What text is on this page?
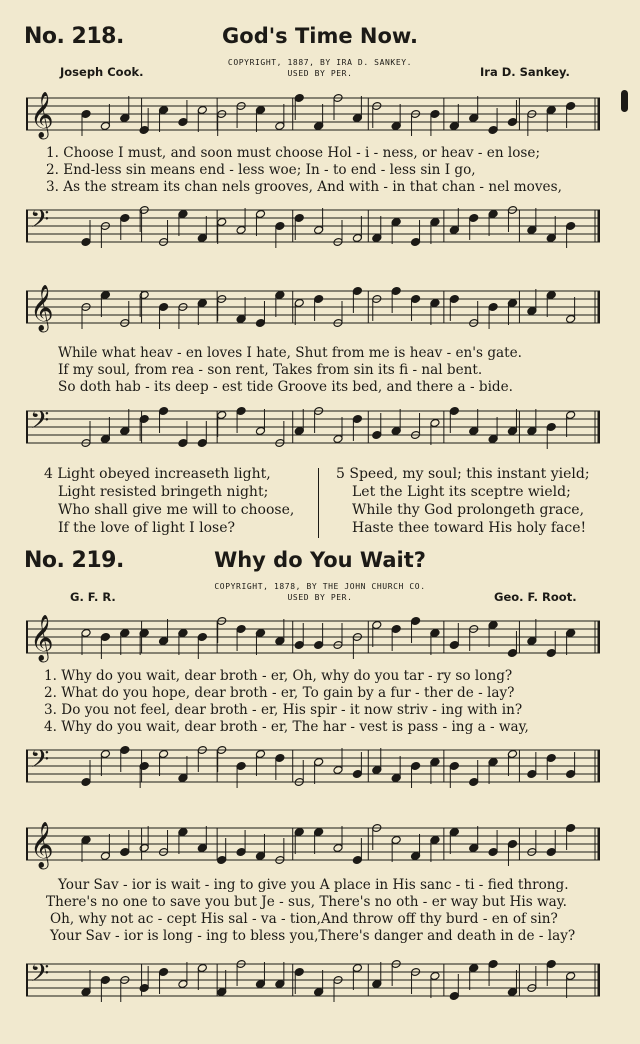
No. 218.	God's Time Now.
COPYRIGHT, 1887, BY IRA D. SANKEY.
USED BY PER.
Joseph Cook.	Ira D. Sankey.
𝄞
1. Choose I must, and soon must choose Hol - i - ness, or heav - en lose;
2. End-less sin means end - less woe; In - to end - less sin I go,
3. As the stream its chan nels grooves, And with - in that chan - nel moves,
𝄢
𝄞
While what heav - en loves I hate, Shut from me is heav - en's gate.
If my soul, from rea - son rent, Takes from sin its fi - nal bent.
So doth hab - its deep - est tide Groove its bed, and there a - bide.
𝄢
4 Light obeyed increaseth light,
Light resisted bringeth night;
Who shall give me will to choose,
If the love of light I lose?
5 Speed, my soul; this instant yield;
Let the Light its sceptre wield;
While thy God prolongeth grace,
Haste thee toward His holy face!
No. 219.	Why do You Wait?
COPYRIGHT, 1878, BY THE JOHN CHURCH CO.
USED BY PER.
G. F. R.	Geo. F. Root.
𝄞
1. Why do you wait, dear broth - er, Oh, why do you tar - ry so long?
2. What do you hope, dear broth - er, To gain by a fur - ther de - lay?
3. Do you not feel, dear broth - er, His spir - it now striv - ing with in?
4. Why do you wait, dear broth - er, The har - vest is pass - ing a - way,
𝄢
𝄞
Your Sav - ior is wait - ing to give you A place in His sanc - ti - fied throng.
There's no one to save you but Je - sus, There's no oth - er way but His way.
Oh, why not ac - cept His sal - va - tion,And throw off thy burd - en of sin?
Your Sav - ior is long - ing to bless you,There's danger and death in de - lay?
𝄢
